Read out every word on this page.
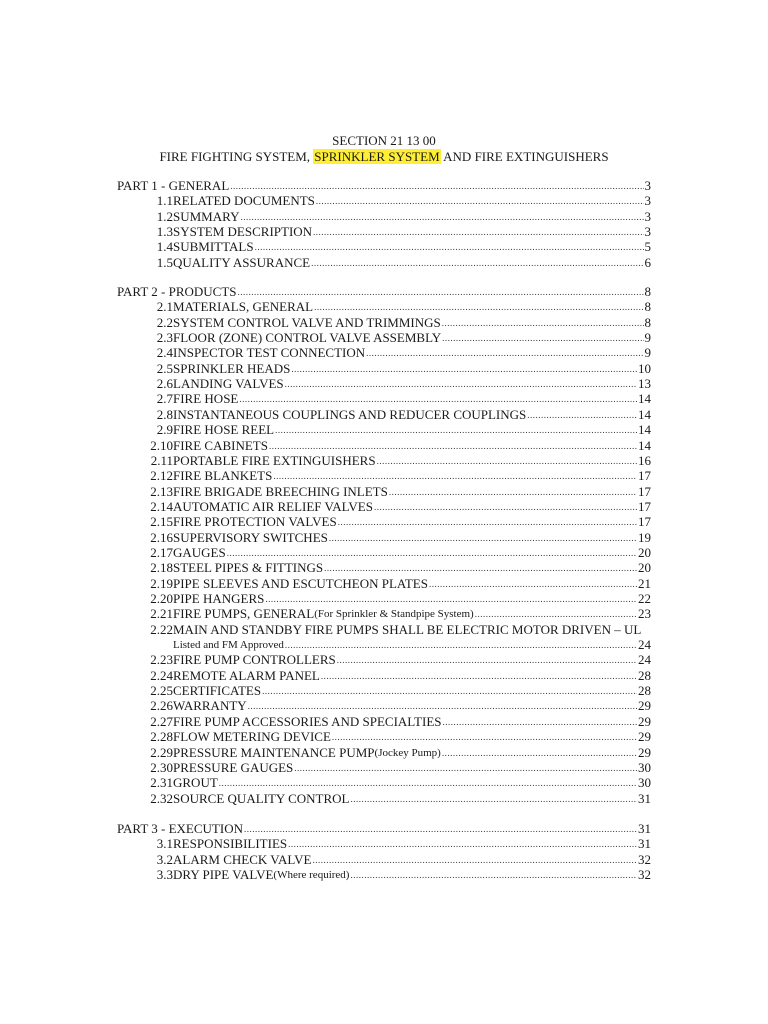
SECTION 21 13 00
FIRE FIGHTING SYSTEM, SPRINKLER SYSTEM AND FIRE EXTINGUISHERS
PART 1 - GENERAL .....	3
1.1 RELATED DOCUMENTS .....	3
1.2 SUMMARY .....	3
1.3 SYSTEM DESCRIPTION .....	3
1.4 SUBMITTALS .....	5
1.5 QUALITY ASSURANCE .....	6
PART 2 - PRODUCTS .....	8
2.1 MATERIALS, GENERAL .....	8
2.2 SYSTEM CONTROL VALVE AND TRIMMINGS .....	8
2.3 FLOOR (ZONE) CONTROL VALVE ASSEMBLY .....	9
2.4 INSPECTOR TEST CONNECTION .....	9
2.5 SPRINKLER HEADS .....	10
2.6 LANDING VALVES .....	13
2.7 FIRE HOSE .....	14
2.8 INSTANTANEOUS COUPLINGS AND REDUCER COUPLINGS .....	14
2.9 FIRE HOSE REEL .....	14
2.10 FIRE CABINETS .....	14
2.11 PORTABLE FIRE EXTINGUISHERS .....	16
2.12 FIRE BLANKETS .....	17
2.13 FIRE BRIGADE BREECHING INLETS .....	17
2.14 AUTOMATIC AIR RELIEF VALVES .....	17
2.15 FIRE PROTECTION VALVES .....	17
2.16 SUPERVISORY SWITCHES .....	19
2.17 GAUGES .....	20
2.18 STEEL PIPES & FITTINGS .....	20
2.19 PIPE SLEEVES AND ESCUTCHEON PLATES .....	21
2.20 PIPE HANGERS .....	22
2.21 FIRE PUMPS, GENERAL (For Sprinkler & Standpipe System) .....	23
2.22 MAIN AND STANDBY FIRE PUMPS SHALL BE ELECTRIC MOTOR DRIVEN – UL
Listed and FM Approved .....	24
2.23 FIRE PUMP CONTROLLERS .....	24
2.24 REMOTE ALARM PANEL .....	28
2.25 CERTIFICATES .....	28
2.26 WARRANTY .....	29
2.27 FIRE PUMP ACCESSORIES AND SPECIALTIES .....	29
2.28 FLOW METERING DEVICE .....	29
2.29 PRESSURE MAINTENANCE PUMP (Jockey Pump) .....	29
2.30 PRESSURE GAUGES .....	30
2.31 GROUT .....	30
2.32 SOURCE QUALITY CONTROL .....	31
PART 3 - EXECUTION .....	31
3.1 RESPONSIBILITIES .....	31
3.2 ALARM CHECK VALVE .....	32
3.3 DRY PIPE VALVE (Where required) .....	32
